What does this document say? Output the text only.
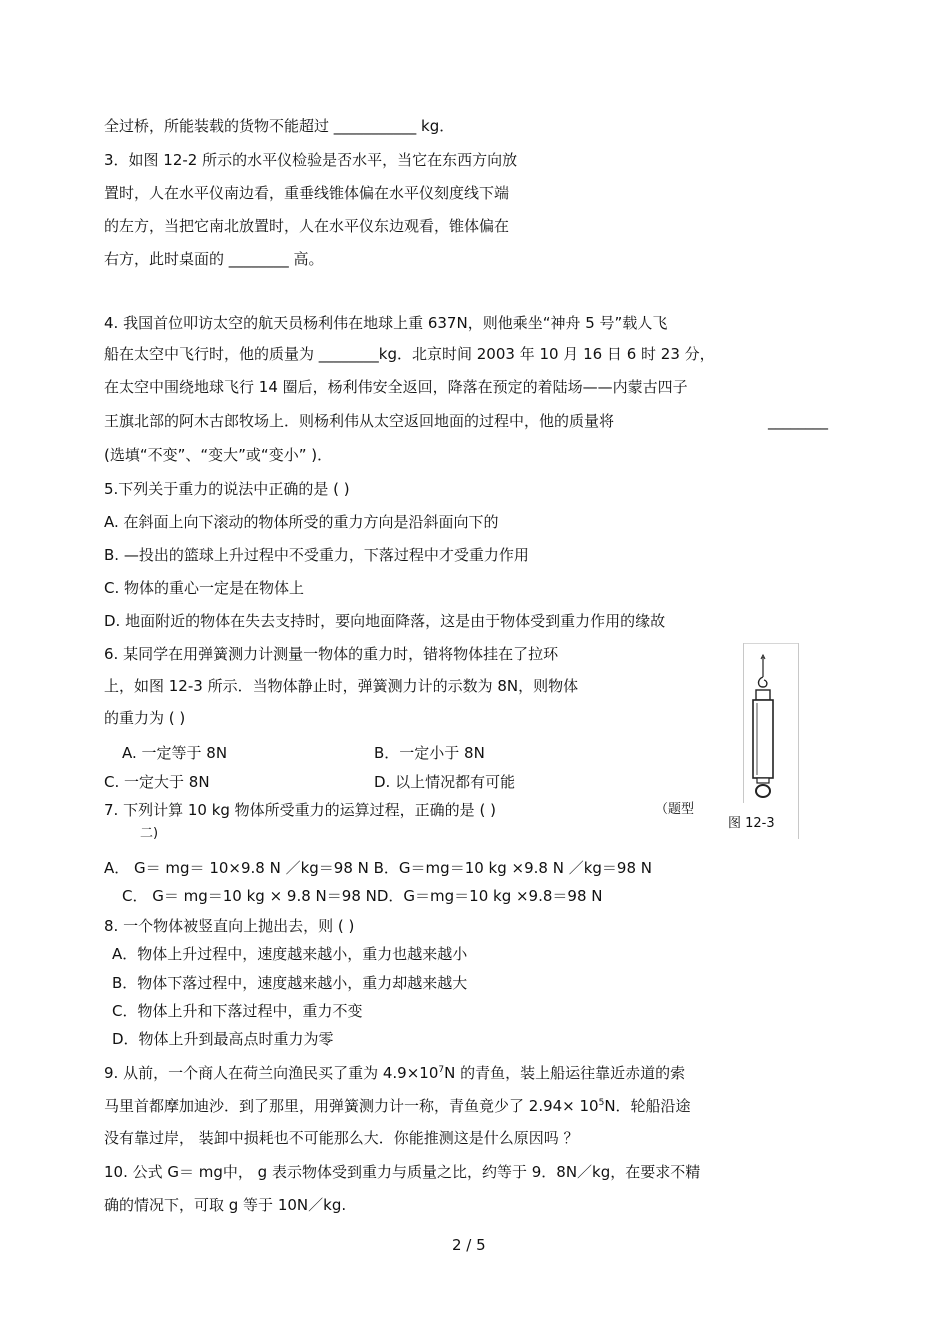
全过桥，所能装载的货物不能超过 ___________ kg．
3．如图 12-2 所示的水平仪检验是否水平，当它在东西方向放
置时，人在水平仪南边看，重垂线锥体偏在水平仪刻度线下端
的左方，当把它南北放置时，人在水平仪东边观看，锥体偏在
右方，此时桌面的 ________ 高。
4. 我国首位叩访太空的航天员杨利伟在地球上重 637N，则他乘坐“神舟 5 号”载人飞
船在太空中飞行时，他的质量为 ________kg．北京时间 2003 年 10 月 16 日 6 时 23 分，
在太空中围绕地球飞行 14 圈后，杨利伟安全返回，降落在预定的着陆场——内蒙古四子
王旗北部的阿木古郎牧场上．则杨利伟从太空返回地面的过程中，他的质量将	________
(选填“不变”、“变大”或“变小” )．
5.下列关于重力的说法中正确的是 ( )
A. 在斜面上向下滚动的物体所受的重力方向是沿斜面向下的
B. —投出的篮球上升过程中不受重力，下落过程中才受重力作用
C. 物体的重心一定是在物体上
D. 地面附近的物体在失去支持时，要向地面降落，这是由于物体受到重力作用的缘故
6. 某同学在用弹簧测力计测量一物体的重力时，错将物体挂在了拉环
上，如图 12-3 所示．当物体静止时，弹簧测力计的示数为 8N，则物体
的重力为 ( )
A. 一定等于 8N	B．一定小于 8N
C. 一定大于 8N	D. 以上情况都有可能
图 12-3
7. 下列计算 10 kg 物体所受重力的运算过程，正确的是 ( )	（题型
二)
A． G＝ mg＝ 10×9.8 N ／kg＝98 N B．G＝mg＝10 kg ×9.8 N ／kg＝98 N
C． G＝ mg＝10 kg × 9.8 N＝98 ND．G＝mg＝10 kg ×9.8＝98 N
8. 一个物体被竖直向上抛出去，则 ( )
A．物体上升过程中，速度越来越小，重力也越来越小
B．物体下落过程中，速度越来越小，重力却越来越大
C．物体上升和下落过程中，重力不变
D．物体上升到最高点时重力为零
9. 从前，一个商人在荷兰向渔民买了重为 $4.9\times 10^7N$ 的青鱼，装上船运往靠近赤道的索
马里首都摩加迪沙．到了那里，用弹簧测力计一称，青鱼竟少了 $2.94\times 10^5N$．轮船沿途
没有靠过岸， 装卸中损耗也不可能那么大．你能推测这是什么原因吗 ？
10. 公式 G＝ mg中， g 表示物体受到重力与质量之比，约等于 9．8N／kg，在要求不精
确的情况下，可取 g 等于 10N／kg.
2 / 5
